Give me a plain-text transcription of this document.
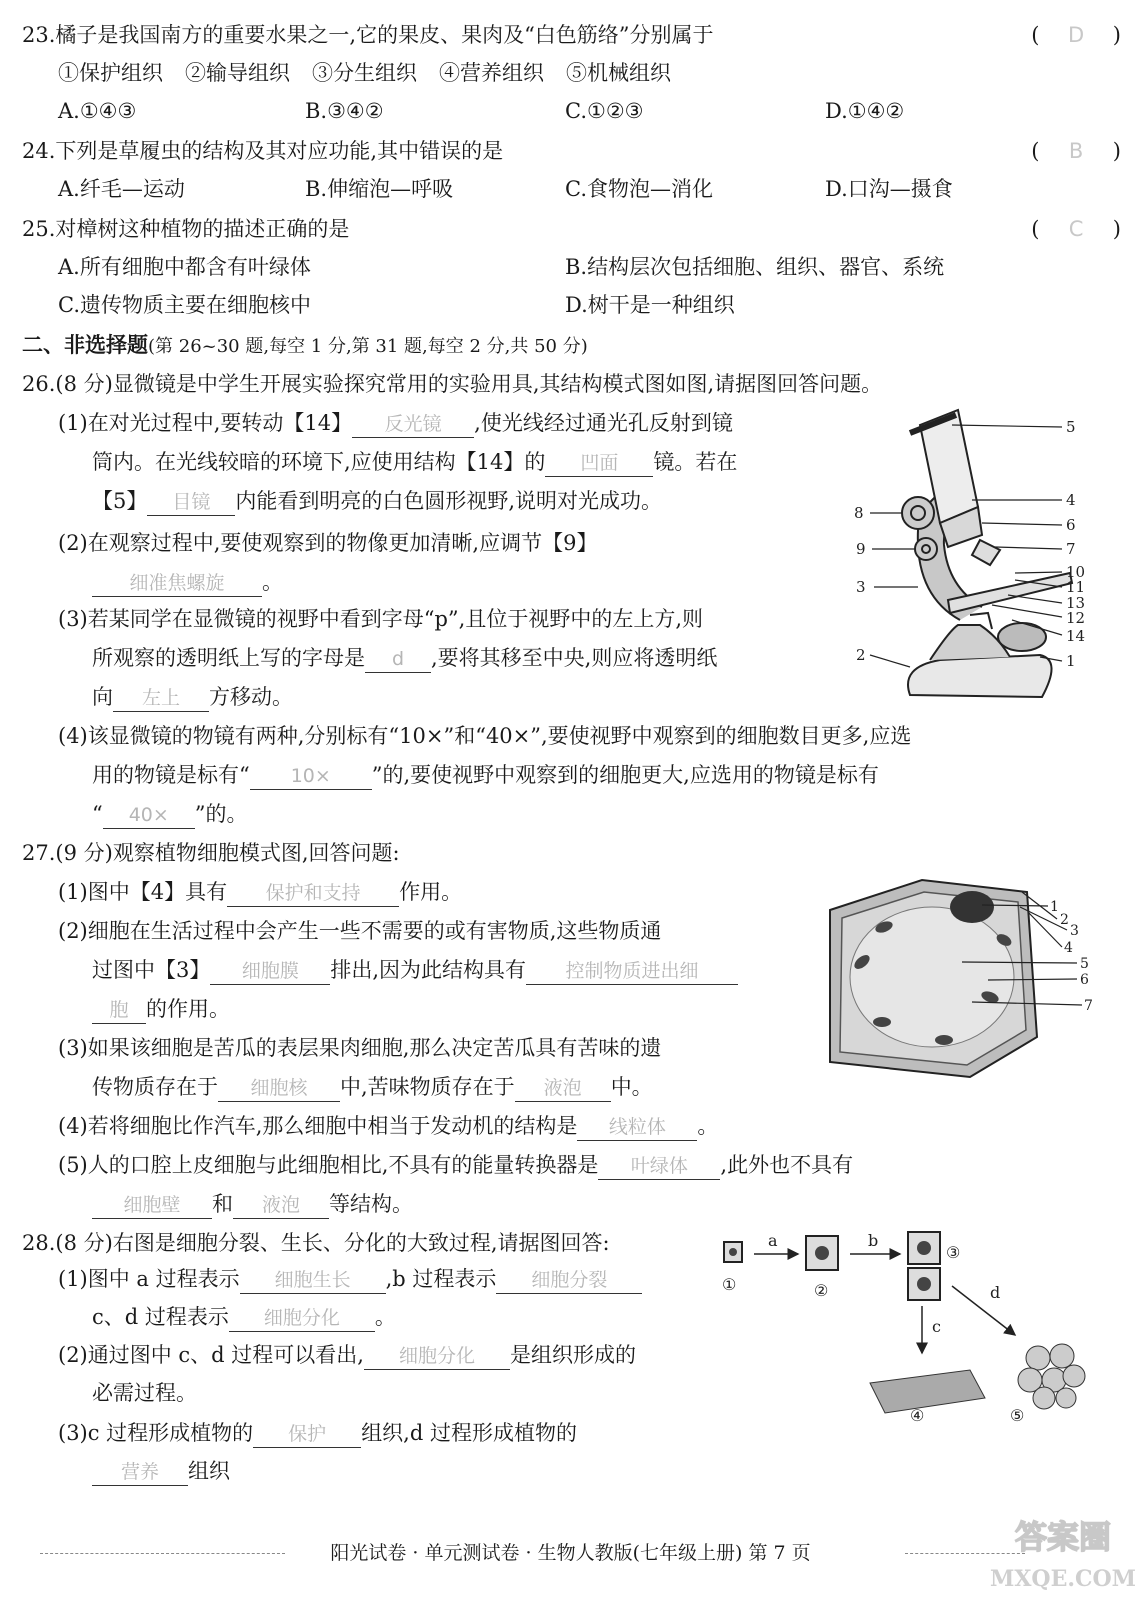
23.橘子是我国南方的重要水果之一,它的果皮、果肉及“白色筋络”分别属于	( D )
①保护组织 ②输导组织 ③分生组织 ④营养组织 ⑤机械组织
A.①④③	B.③④②	C.①②③	D.①④②
24.下列是草履虫的结构及其对应功能,其中错误的是	( B )
A.纤毛—运动	B.伸缩泡—呼吸	C.食物泡—消化	D.口沟—摄食
25.对樟树这种植物的描述正确的是	( C )
A.所有细胞中都含有叶绿体	B.结构层次包括细胞、组织、器官、系统
C.遗传物质主要在细胞核中	D.树干是一种组织
二、非选择题(第 26~30 题,每空 1 分,第 31 题,每空 2 分,共 50 分)
26.(8 分)显微镜是中学生开展实验探究常用的实验用具,其结构模式图如图,请据图回答问题。
(1)在对光过程中,要转动【14】 反光镜 ,使光线经过通光孔反射到镜
筒内。在光线较暗的环境下,应使用结构【14】的 凹面 镜。若在
【5】 目镜 内能看到明亮的白色圆形视野,说明对光成功。
(2)在观察过程中,要使观察到的物像更加清晰,应调节【9】
细准焦螺旋 。
(3)若某同学在显微镜的视野中看到字母“p”,且位于视野中的左上方,则
所观察的透明纸上写的字母是 d ,要将其移至中央,则应将透明纸
向 左上 方移动。
(4)该显微镜的物镜有两种,分别标有“10×”和“40×”,要使视野中观察到的细胞数目更多,应选
用的物镜是标有“ 10× ”的,要使视野中观察到的细胞更大,应选用的物镜是标有
“ 40× ”的。
5
4
6
7
10
11
13
12
14
1
8
9
3
2
27.(9 分)观察植物细胞模式图,回答问题:
(1)图中【4】具有 保护和支持 作用。
(2)细胞在生活过程中会产生一些不需要的或有害物质,这些物质通
过图中【3】 细胞膜 排出,因为此结构具有 控制物质进出细
胞 的作用。
(3)如果该细胞是苦瓜的表层果肉细胞,那么决定苦瓜具有苦味的遗
传物质存在于 细胞核 中,苦味物质存在于 液泡 中。
(4)若将细胞比作汽车,那么细胞中相当于发动机的结构是 线粒体 。
(5)人的口腔上皮细胞与此细胞相比,不具有的能量转换器是 叶绿体 ,此外也不具有
细胞壁 和 液泡 等结构。
1
2
3
4
5
6
7
28.(8 分)右图是细胞分裂、生长、分化的大致过程,请据图回答:
(1)图中 a 过程表示 细胞生长 ,b 过程表示 细胞分裂
c、d 过程表示 细胞分化 。
(2)通过图中 c、d 过程可以看出, 细胞分化 是组织形成的
必需过程。
(3)c 过程形成植物的 保护 组织,d 过程形成植物的
营养 组织
a	b
c
d
①	②
③
④	⑤
阳光试卷 · 单元测试卷 · 生物人教版(七年级上册) 第 7 页	答案圈
MXQE.COM
